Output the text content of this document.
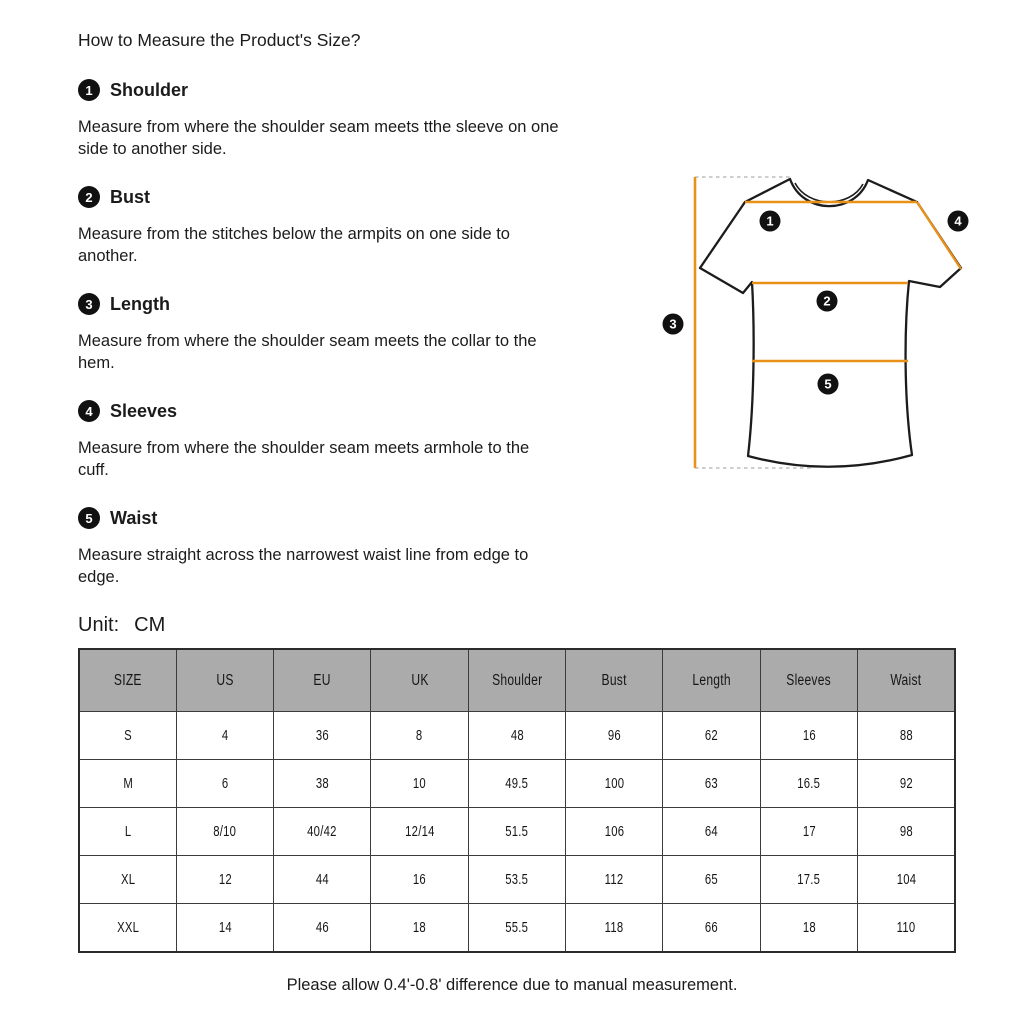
How to Measure the Product's Size?
1 Shoulder

Measure from where the shoulder seam meets tthe sleeve on one
side to another side.

2 Bust

Measure from the stitches below the armpits on one side to
another.

3 Length

Measure from where the shoulder seam meets the collar to the
hem.

4 Sleeves

Measure from where the shoulder seam meets armhole to the
cuff.

5 Waist

Measure straight across the narrowest waist line from edge to
edge.

Unit: CM
1
2
3
4
5
SIZE	US	EU	UK	Shoulder	Bust	Length	Sleeves	Waist
S	4	36	8	48	96	62	16	88
M	6	38	10	49.5	100	63	16.5	92
L	8/10	40/42	12/14	51.5	106	64	17	98
XL	12	44	16	53.5	112	65	17.5	104
XXL	14	46	18	55.5	118	66	18	110
Please allow 0.4'-0.8' difference due to manual measurement.
